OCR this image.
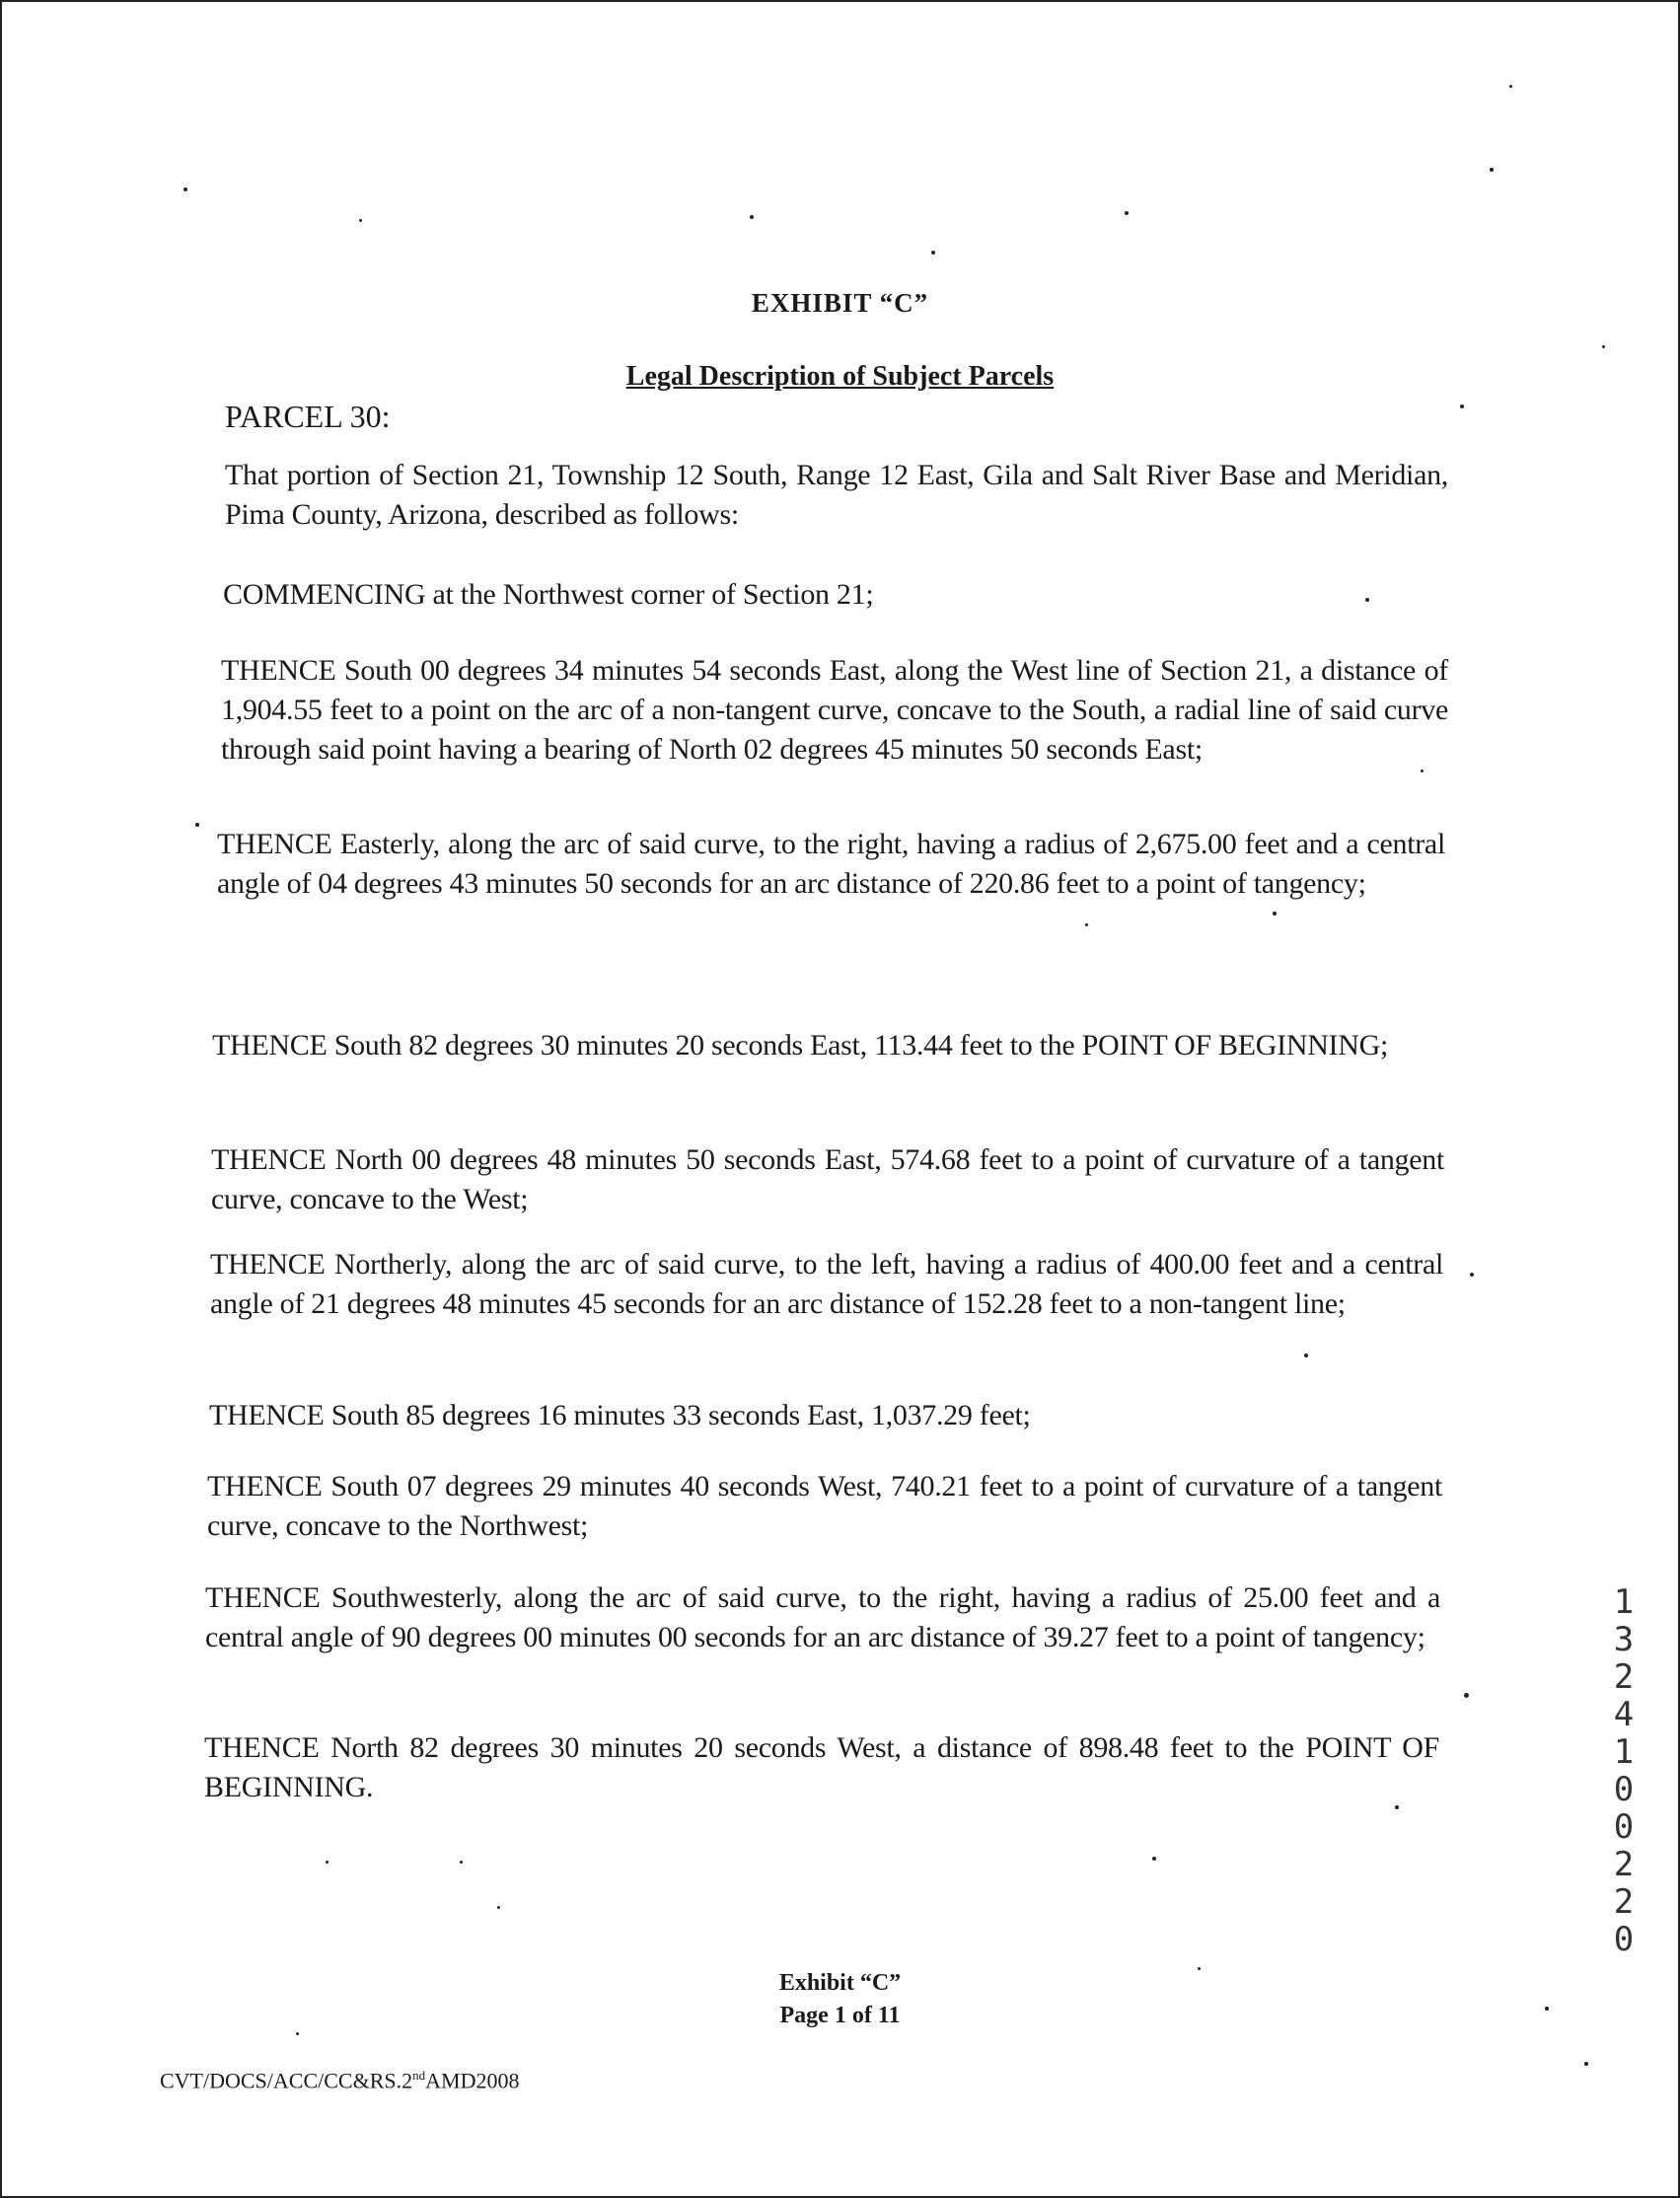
EXHIBIT “C”
Legal Description of Subject Parcels
PARCEL 30:
That portion of Section 21, Township 12 South, Range 12 East, Gila and Salt River Base and Meridian, Pima County, Arizona, described as follows:
COMMENCING at the Northwest corner of Section 21;
THENCE South 00 degrees 34 minutes 54 seconds East, along the West line of Section 21, a distance of 1,904.55 feet to a point on the arc of a non-tangent curve, concave to the South, a radial line of said curve through said point having a bearing of North 02 degrees 45 minutes 50 seconds East;
THENCE Easterly, along the arc of said curve, to the right, having a radius of 2,675.00 feet and a central angle of 04 degrees 43 minutes 50 seconds for an arc distance of 220.86 feet to a point of tangency;
THENCE South 82 degrees 30 minutes 20 seconds East, 113.44 feet to the POINT OF BEGINNING;
THENCE North 00 degrees 48 minutes 50 seconds East, 574.68 feet to a point of curvature of a tangent curve, concave to the West;
THENCE Northerly, along the arc of said curve, to the left, having a radius of 400.00 feet and a central angle of 21 degrees 48 minutes 45 seconds for an arc distance of 152.28 feet to a non-tangent line;
THENCE South 85 degrees 16 minutes 33 seconds East, 1,037.29 feet;
THENCE South 07 degrees 29 minutes 40 seconds West, 740.21 feet to a point of curvature of a tangent curve, concave to the Northwest;
THENCE Southwesterly, along the arc of said curve, to the right, having a radius of 25.00 feet and a central angle of 90 degrees 00 minutes 00 seconds for an arc distance of 39.27 feet to a point of tangency;
THENCE North 82 degrees 30 minutes 20 seconds West, a distance of 898.48 feet to the POINT OF BEGINNING.
Exhibit “C”
Page 1 of 11
CVT/DOCS/ACC/CC&RS.2ndAMD2008
13241 00220
